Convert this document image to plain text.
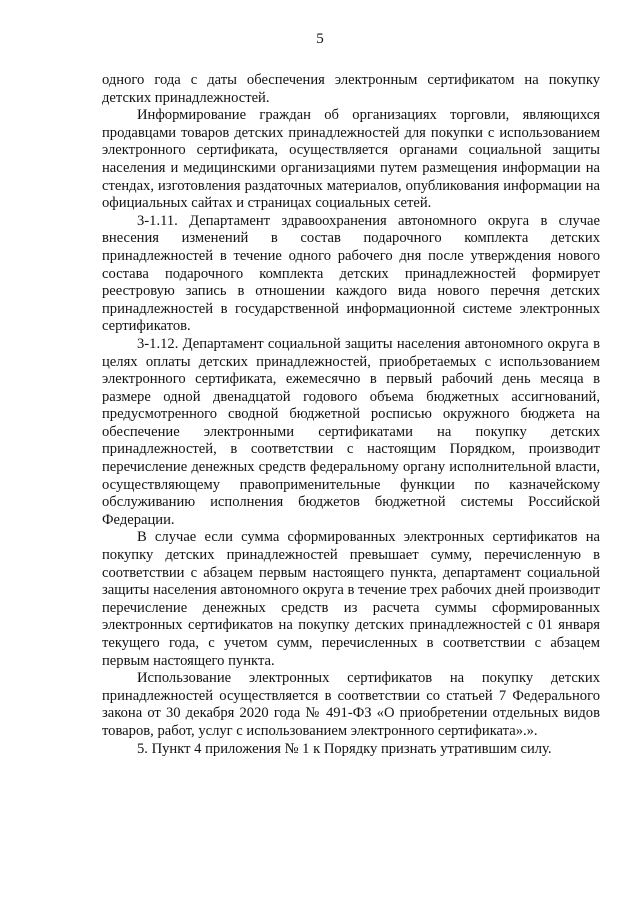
5

одного года с даты обеспечения электронным сертификатом на покупку детских принадлежностей.

Информирование граждан об организациях торговли, являющихся продавцами товаров детских принадлежностей для покупки с использованием электронного сертификата, осуществляется органами социальной защиты населения и медицинскими организациями путем размещения информации на стендах, изготовления раздаточных материалов, опубликования информации на официальных сайтах и страницах социальных сетей.

3-1.11. Департамент здравоохранения автономного округа в случае внесения изменений в состав подарочного комплекта детских принадлежностей в течение одного рабочего дня после утверждения нового состава подарочного комплекта детских принадлежностей формирует реестровую запись в отношении каждого вида нового перечня детских принадлежностей в государственной информационной системе электронных сертификатов.

3-1.12. Департамент социальной защиты населения автономного округа в целях оплаты детских принадлежностей, приобретаемых с использованием электронного сертификата, ежемесячно в первый рабочий день месяца в размере одной двенадцатой годового объема бюджетных ассигнований, предусмотренного сводной бюджетной росписью окружного бюджета на обеспечение электронными сертификатами на покупку детских принадлежностей, в соответствии с настоящим Порядком, производит перечисление денежных средств федеральному органу исполнительной власти, осуществляющему правоприменительные функции по казначейскому обслуживанию исполнения бюджетов бюджетной системы Российской Федерации.

В случае если сумма сформированных электронных сертификатов на покупку детских принадлежностей превышает сумму, перечисленную в соответствии с абзацем первым настоящего пункта, департамент социальной защиты населения автономного округа в течение трех рабочих дней производит перечисление денежных средств из расчета суммы сформированных электронных сертификатов на покупку детских принадлежностей с 01 января текущего года, с учетом сумм, перечисленных в соответствии с абзацем первым настоящего пункта.

Использование электронных сертификатов на покупку детских принадлежностей осуществляется в соответствии со статьей 7 Федерального закона от 30 декабря 2020 года № 491-ФЗ «О приобретении отдельных видов товаров, работ, услуг с использованием электронного сертификата».».

5. Пункт 4 приложения № 1 к Порядку признать утратившим силу.
